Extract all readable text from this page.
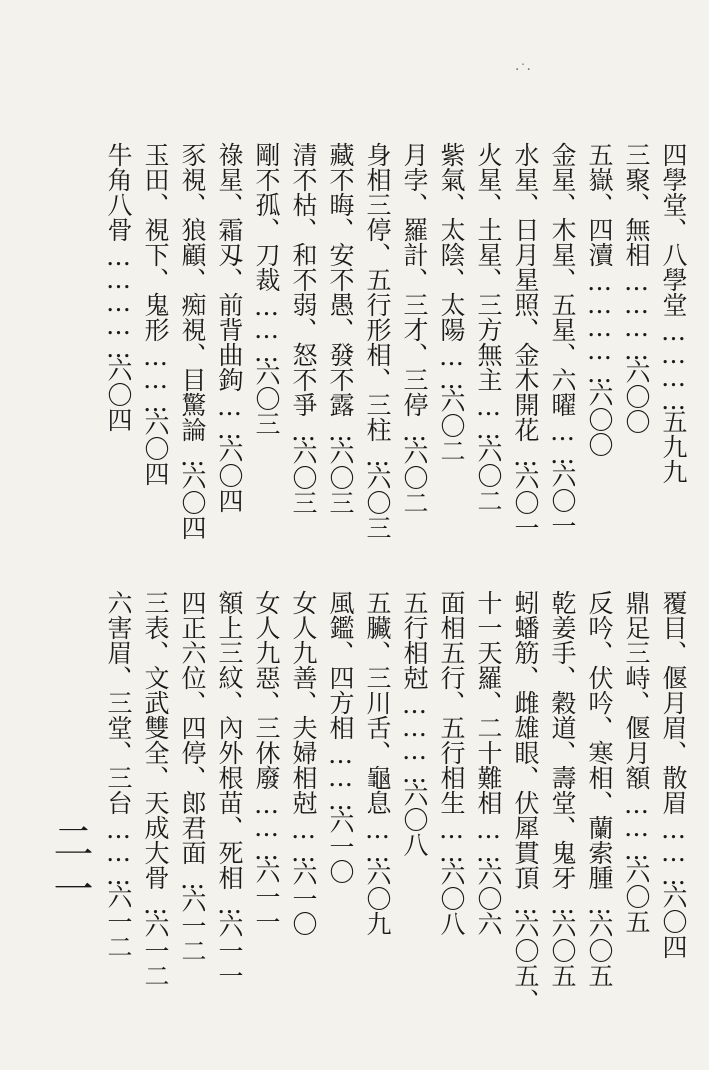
·˙·
四學堂、八學堂…………五九九
三聚、無相…………六〇〇
五嶽、四瀆……………六〇〇
金星、木星、五星、六曜……六〇一
水星、日月星照、金木開花…六〇一
火星、土星、三方無主……六〇二
紫氣、太陰、太陽……六〇二
月孛、羅計、三才、三停…六〇二
身相三停、五行形相、三柱…六〇三
藏不晦、安不愚、發不露…六〇三
清不枯、和不弱、怒不爭…六〇三
剛不孤、刀裁………六〇三
祿星、霜刄、前背曲鉤……六〇四
豕視、狼顧、痴視、目驚論…六〇四
玉田、視下、鬼形………六〇四
牛角八骨……………六〇四
覆目、偃月眉、散眉………六〇四
鼎足三峙、偃月額………六〇五
反吟、伏吟、寒相、蘭索腫…六〇五
乾姜手、穀道、壽堂、鬼牙…六〇五
蚓蟠筋、雌雄眼、伏犀貫頂…六〇五、
十一天羅、二十難相……六〇六
面相五行、五行相生……六〇八
五行相尅…………六〇八
五臟、三川舌、龜息……六〇九
風鑑、四方相………六一〇
女人九善、夫婦相尅……六一〇
女人九惡、三休廢………六一一
額上三紋、內外根苗、死相…六一一
四正六位、四停、郎君面…六一二
三表、文武雙全、天成大骨…六一二
六害眉、三堂、三台………六一二
二一
